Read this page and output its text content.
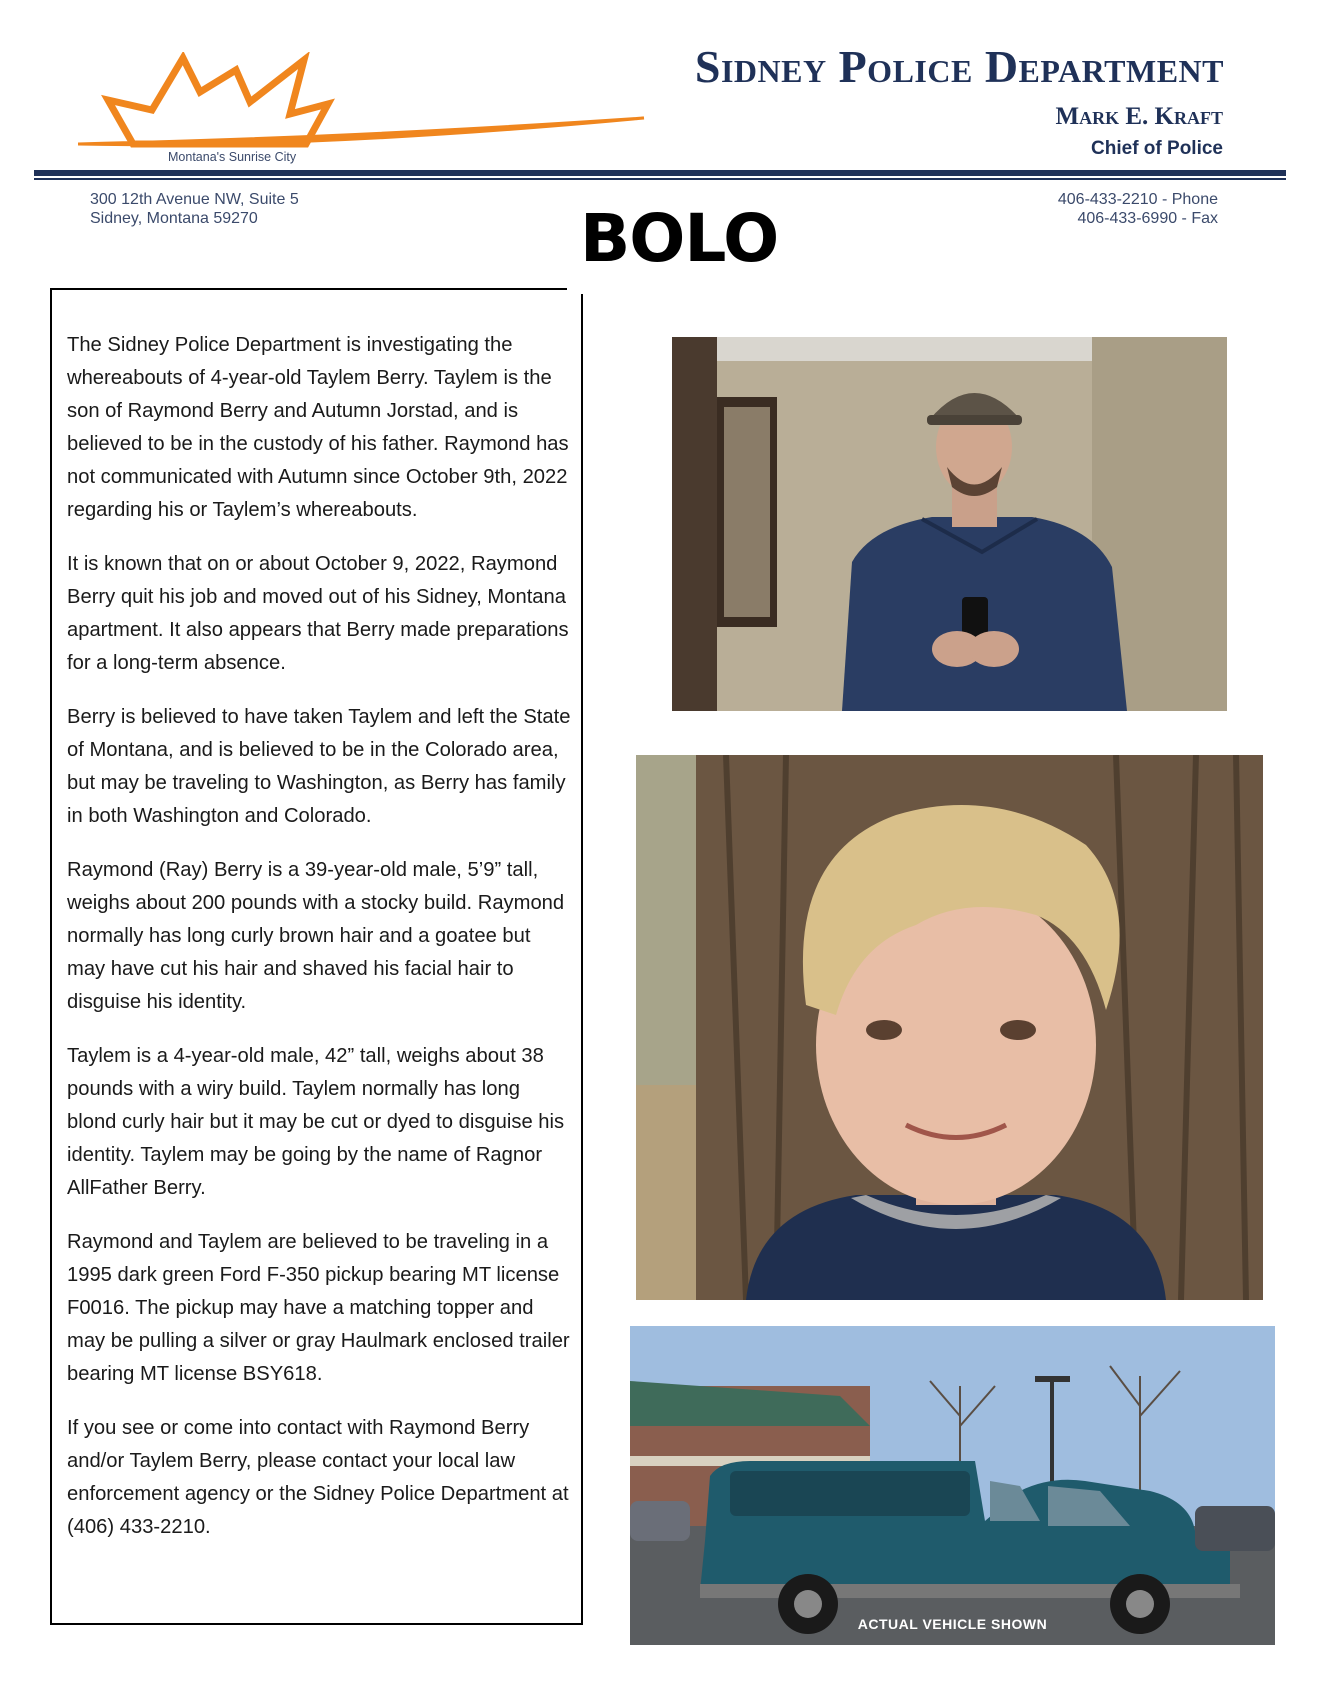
Montana's Sunrise City
Sidney Police Department
Mark E. Kraft
Chief of Police
300 12th Avenue NW, Suite 5
Sidney, Montana 59270
406-433-2210 - Phone
406-433-6990 - Fax
BOLO

The Sidney Police Department is investigating the whereabouts of 4-year-old Taylem Berry. Taylem is the son of Raymond Berry and Autumn Jorstad, and is believed to be in the custody of his father. Raymond has not communicated with Autumn since October 9th, 2022 regarding his or Taylem’s whereabouts.

It is known that on or about October 9, 2022, Raymond Berry quit his job and moved out of his Sidney, Montana apartment. It also appears that Berry made preparations for a long-term absence.

Berry is believed to have taken Taylem and left the State of Montana, and is believed to be in the Colorado area, but may be traveling to Washington, as Berry has family in both Washington and Colorado.

Raymond (Ray) Berry is a 39-year-old male, 5’9” tall, weighs about 200 pounds with a stocky build. Raymond normally has long curly brown hair and a goatee but may have cut his hair and shaved his facial hair to disguise his identity.

Taylem is a 4-year-old male, 42” tall, weighs about 38 pounds with a wiry build. Taylem normally has long blond curly hair but it may be cut or dyed to disguise his identity. Taylem may be going by the name of Ragnor AllFather Berry.

Raymond and Taylem are believed to be traveling in a 1995 dark green Ford F-350 pickup bearing MT license F0016. The pickup may have a matching topper and may be pulling a silver or gray Haulmark enclosed trailer bearing MT license BSY618.

If you see or come into contact with Raymond Berry and/or Taylem Berry, please contact your local law enforcement agency or the Sidney Police Department at (406) 433-2210.

ACTUAL VEHICLE SHOWN
